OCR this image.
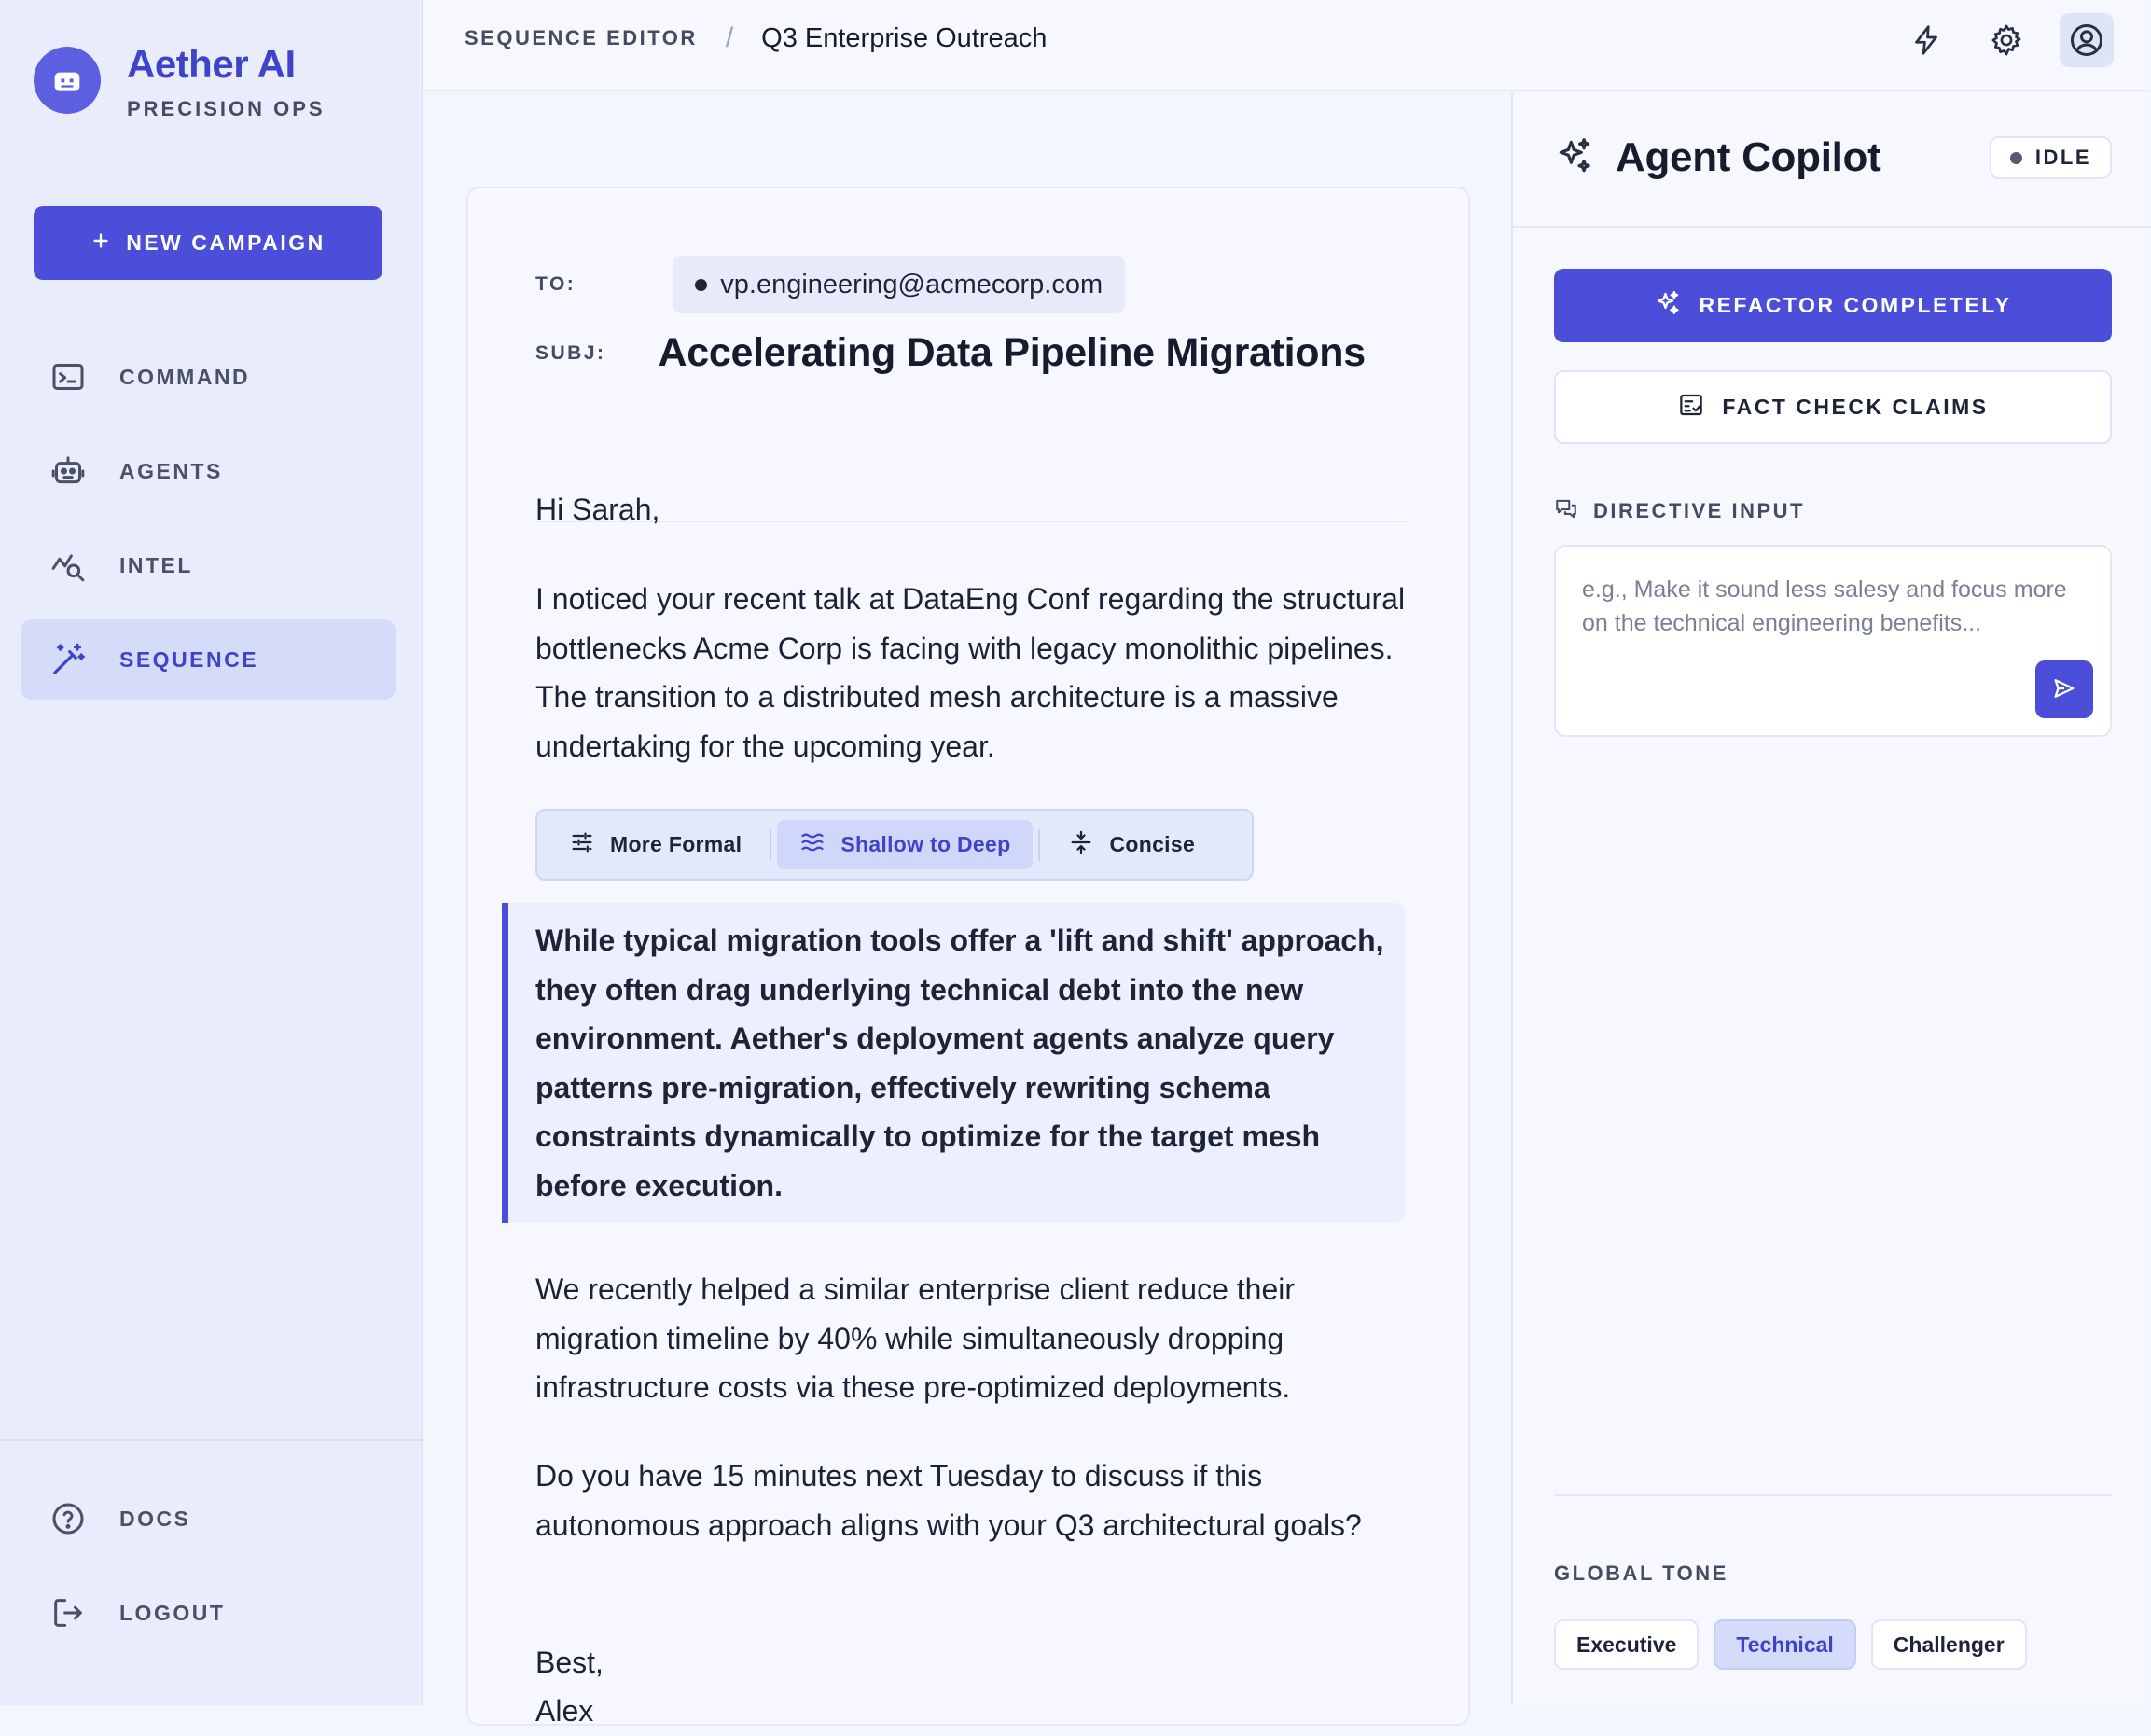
Aether AI
PRECISION OPS
NEW CAMPAIGN
COMMAND
AGENTS
INTEL
SEQUENCE
DOCS
LOGOUT
SEQUENCE EDITOR / Q3 Enterprise Outreach
TO:	vp.engineering@acmecorp.com
SUBJ: Accelerating Data Pipeline Migrations
Hi Sarah,
I noticed your recent talk at DataEng Conf regarding the structural bottlenecks Acme Corp is facing with legacy monolithic pipelines. The transition to a distributed mesh architecture is a massive undertaking for the upcoming year.
More Formal	Shallow to Deep	Concise
While typical migration tools offer a 'lift and shift' approach, they often drag underlying technical debt into the new environment. Aether's deployment agents analyze query patterns pre-migration, effectively rewriting schema constraints dynamically to optimize for the target mesh before execution.
We recently helped a similar enterprise client reduce their migration timeline by 40% while simultaneously dropping infrastructure costs via these pre-optimized deployments.
Do you have 15 minutes next Tuesday to discuss if this autonomous approach aligns with your Q3 architectural goals?
Best,
Alex
Agent Copilot	IDLE
REFACTOR COMPLETELY
FACT CHECK CLAIMS
DIRECTIVE INPUT
e.g., Make it sound less salesy and focus more on the technical engineering benefits...
GLOBAL TONE
Executive	Technical	Challenger
